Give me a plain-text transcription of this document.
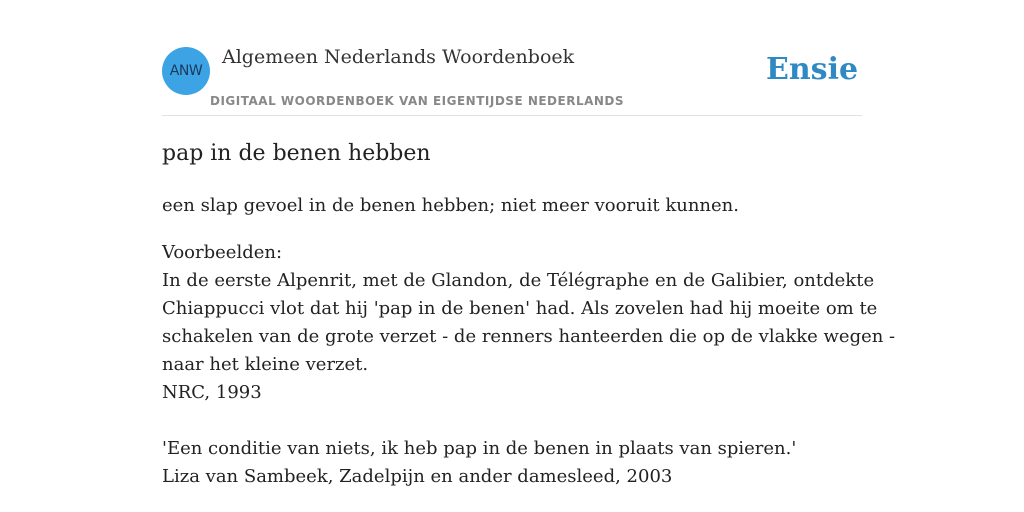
ANW
Algemeen Nederlands Woordenboek
DIGITAAL WOORDENBOEK VAN EIGENTIJDSE NEDERLANDS
Ensie
pap in de benen hebben
een slap gevoel in de benen hebben; niet meer vooruit kunnen.
Voorbeelden:
In de eerste Alpenrit, met de Glandon, de Télégraphe en de Galibier, ontdekte
Chiappucci vlot dat hij 'pap in de benen' had. Als zovelen had hij moeite om te
schakelen van de grote verzet - de renners hanteerden die op de vlakke wegen -
naar het kleine verzet.
NRC, 1993
'Een conditie van niets, ik heb pap in de benen in plaats van spieren.'
Liza van Sambeek, Zadelpijn en ander damesleed, 2003
